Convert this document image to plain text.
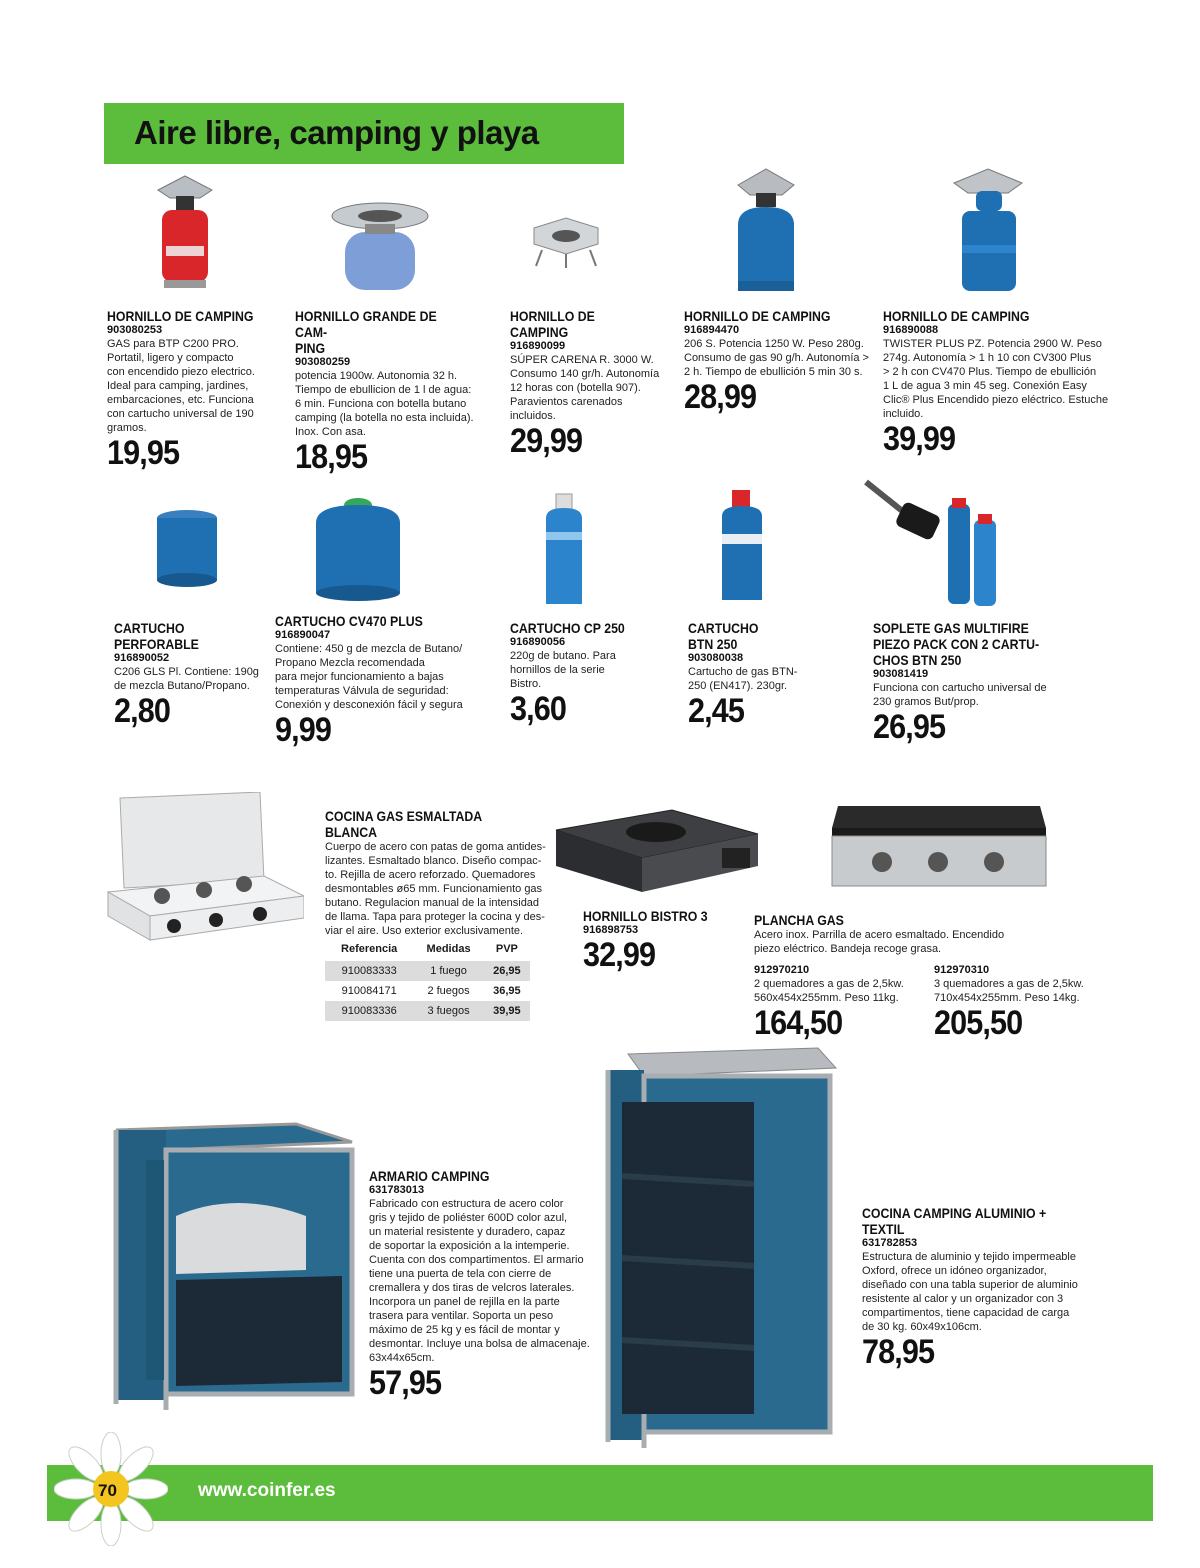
Aire libre, camping y playa
HORNILLO DE CAMPING
903080253
GAS para BTP C200 PRO.
Portatil, ligero y compacto
con encendido piezo electrico.
Ideal para camping, jardines,
embarcaciones, etc. Funciona
con cartucho universal de 190
gramos.
19,95
HORNILLO GRANDE DE CAM-
PING
903080259
potencia 1900w. Autonomia 32 h.
Tiempo de ebullicion de 1 l de agua:
6 min. Funciona con botella butano
camping (la botella no esta incluida).
Inox. Con asa.
18,95
HORNILLO DE CAMPING
916890099
SÚPER CARENA R. 3000 W.
Consumo 140 gr/h. Autonomía
12 horas con (botella 907).
Paravientos carenados
incluidos.
29,99
HORNILLO DE CAMPING
916894470
206 S. Potencia 1250 W. Peso 280g.
Consumo de gas 90 g/h. Autonomía >
2 h. Tiempo de ebullición 5 min 30 s.
28,99
HORNILLO DE CAMPING
916890088
TWISTER PLUS PZ. Potencia 2900 W. Peso
274g. Autonomía > 1 h 10 con CV300 Plus
> 2 h con CV470 Plus. Tiempo de ebullición
1 L de agua 3 min 45 seg. Conexión Easy
Clic® Plus Encendido piezo eléctrico. Estuche
incluido.
39,99
CARTUCHO
PERFORABLE
916890052
C206 GLS Pl. Contiene: 190g
de mezcla Butano/Propano.
2,80
CARTUCHO CV470 PLUS
916890047
Contiene: 450 g de mezcla de Butano/
Propano Mezcla recomendada
para mejor funcionamiento a bajas
temperaturas Válvula de seguridad:
Conexión y desconexión fácil y segura
9,99
CARTUCHO CP 250
916890056
220g de butano. Para
hornillos de la serie
Bistro.
3,60
CARTUCHO
BTN 250
903080038
Cartucho de gas BTN-
250 (EN417). 230gr.
2,45
SOPLETE GAS MULTIFIRE
PIEZO PACK CON 2 CARTU-
CHOS BTN 250
903081419
Funciona con cartucho universal de
230 gramos But/prop.
26,95
COCINA GAS ESMALTADA BLANCA
Cuerpo de acero con patas de goma antides-
lizantes. Esmaltado blanco. Diseño compac-
to. Rejilla de acero reforzado. Quemadores
desmontables ø65 mm. Funcionamiento gas
butano. Regulacion manual de la intensidad
de llama. Tapa para proteger la cocina y des-
viar el aire. Uso exterior exclusivamente.
Referencia	Medidas	PVP
910083333	1 fuego	26,95
910084171	2 fuegos	36,95
910083336	3 fuegos	39,95
HORNILLO BISTRO 3
916898753
32,99
PLANCHA GAS
Acero inox. Parrilla de acero esmaltado. Encendido
piezo eléctrico. Bandeja recoge grasa.
912970210
2 quemadores a gas de 2,5kw.
560x454x255mm. Peso 11kg.
164,50
912970310
3 quemadores a gas de 2,5kw.
710x454x255mm. Peso 14kg.
205,50
ARMARIO CAMPING
631783013
Fabricado con estructura de acero color
gris y tejido de poliéster 600D color azul,
un material resistente y duradero, capaz
de soportar la exposición a la intemperie.
Cuenta con dos compartimentos. El armario
tiene una puerta de tela con cierre de
cremallera y dos tiras de velcros laterales.
Incorpora un panel de rejilla en la parte
trasera para ventilar. Soporta un peso
máximo de 25 kg y es fácil de montar y
desmontar. Incluye una bolsa de almacenaje.
63x44x65cm.
57,95
COCINA CAMPING ALUMINIO +
TEXTIL
631782853
Estructura de aluminio y tejido impermeable
Oxford, ofrece un idóneo organizador,
diseñado con una tabla superior de aluminio
resistente al calor y un organizador con 3
compartimentos, tiene capacidad de carga
de 30 kg. 60x49x106cm.
78,95
70	www.coinfer.es
